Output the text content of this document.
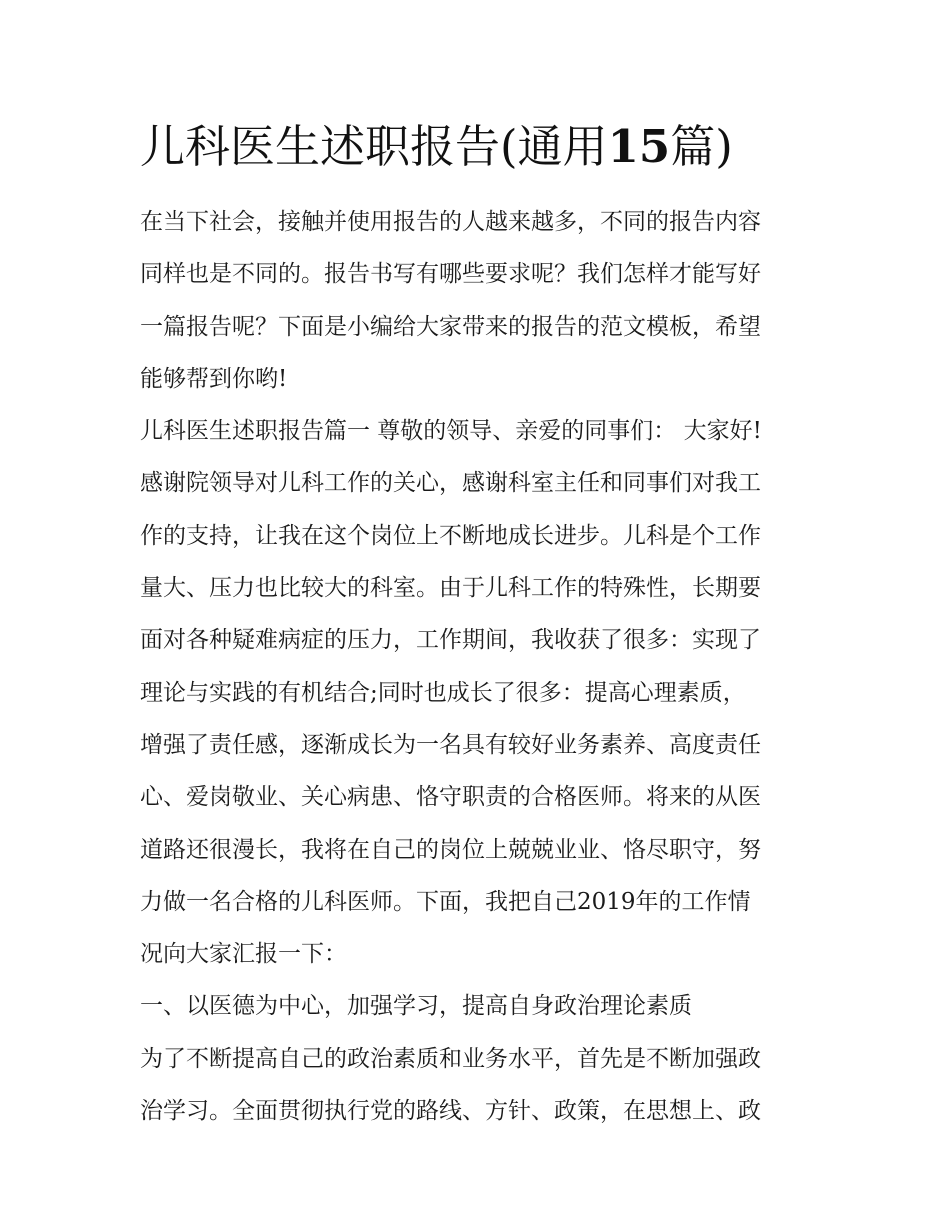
儿科医生述职报告(通用15篇)
在当下社会，接触并使用报告的人越来越多，不同的报告内容
同样也是不同的。报告书写有哪些要求呢？我们怎样才能写好
一篇报告呢？下面是小编给大家带来的报告的范文模板，希望
能够帮到你哟!
儿科医生述职报告篇一 尊敬的领导、亲爱的同事们： 大家好!
感谢院领导对儿科工作的关心，感谢科室主任和同事们对我工
作的支持，让我在这个岗位上不断地成长进步。儿科是个工作
量大、压力也比较大的科室。由于儿科工作的特殊性，长期要
面对各种疑难病症的压力，工作期间，我收获了很多：实现了
理论与实践的有机结合;同时也成长了很多：提高心理素质，
增强了责任感，逐渐成长为一名具有较好业务素养、高度责任
心、爱岗敬业、关心病患、恪守职责的合格医师。将来的从医
道路还很漫长，我将在自己的岗位上兢兢业业、恪尽职守，努
力做一名合格的儿科医师。下面，我把自己2019年的工作情
况向大家汇报一下：
一、以医德为中心，加强学习，提高自身政治理论素质
为了不断提高自己的政治素质和业务水平，首先是不断加强政
治学习。全面贯彻执行党的路线、方针、政策，在思想上、政
